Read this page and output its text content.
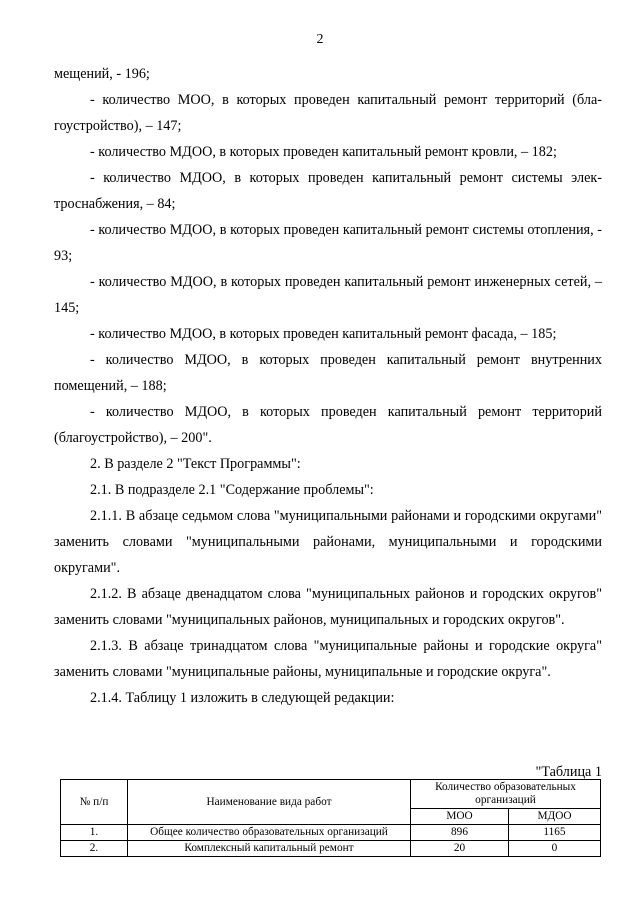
2

мещений, - 196;

- количество МОО, в которых проведен капитальный ремонт территорий (благоустройство), – 147;

- количество МДОО, в которых проведен капитальный ремонт кровли, – 182;

- количество МДОО, в которых проведен капитальный ремонт системы электроснабжения, – 84;

- количество МДОО, в которых проведен капитальный ремонт системы отопления, - 93;

- количество МДОО, в которых проведен капитальный ремонт инженерных сетей, – 145;

- количество МДОО, в которых проведен капитальный ремонт фасада, – 185;

- количество МДОО, в которых проведен капитальный ремонт внутренних помещений, – 188;

- количество МДОО, в которых проведен капитальный ремонт территорий (благоустройство), – 200".

2. В разделе 2 "Текст Программы":

2.1. В подразделе 2.1 "Содержание проблемы":

2.1.1. В абзаце седьмом слова "муниципальными районами и городскими округами" заменить словами "муниципальными районами, муниципальными и городскими округами".

2.1.2. В абзаце двенадцатом слова "муниципальных районов и городских округов" заменить словами "муниципальных районов, муниципальных и городских округов".

2.1.3. В абзаце тринадцатом слова "муниципальные районы и городские округа" заменить словами "муниципальные районы, муниципальные и городские округа".

2.1.4. Таблицу 1 изложить в следующей редакции:

"Таблица 1
№ п/п	Наименование вида работ	Количество образовательных организаций	
		МОО	МДОО
1.	Общее количество образовательных организаций	896	1165
2.	Комплексный капитальный ремонт	20	0
